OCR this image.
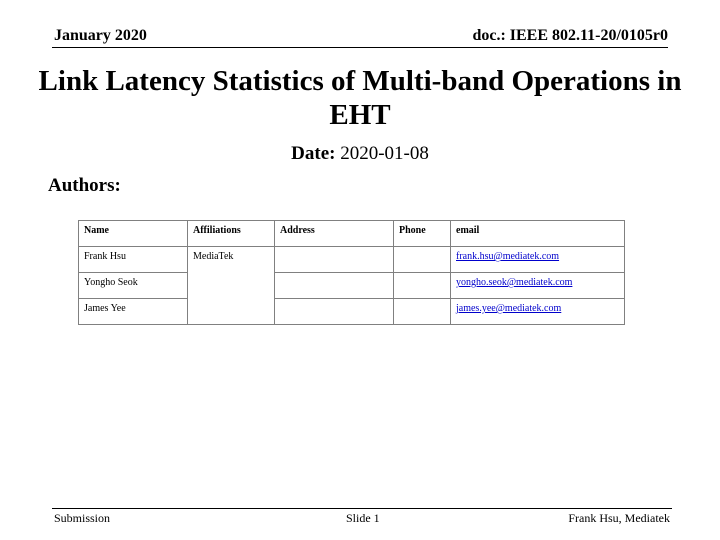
January 2020	doc.: IEEE 802.11-20/0105r0
Link Latency Statistics of Multi-band Operations in EHT
Date: 2020-01-08
Authors:
Name	Affiliations	Address	Phone	email
Frank Hsu	MediaTek			frank.hsu@mediatek.com
Yongho Seok				yongho.seok@mediatek.com
James Yee				james.yee@mediatek.com
Submission	Slide 1	Frank Hsu, Mediatek
